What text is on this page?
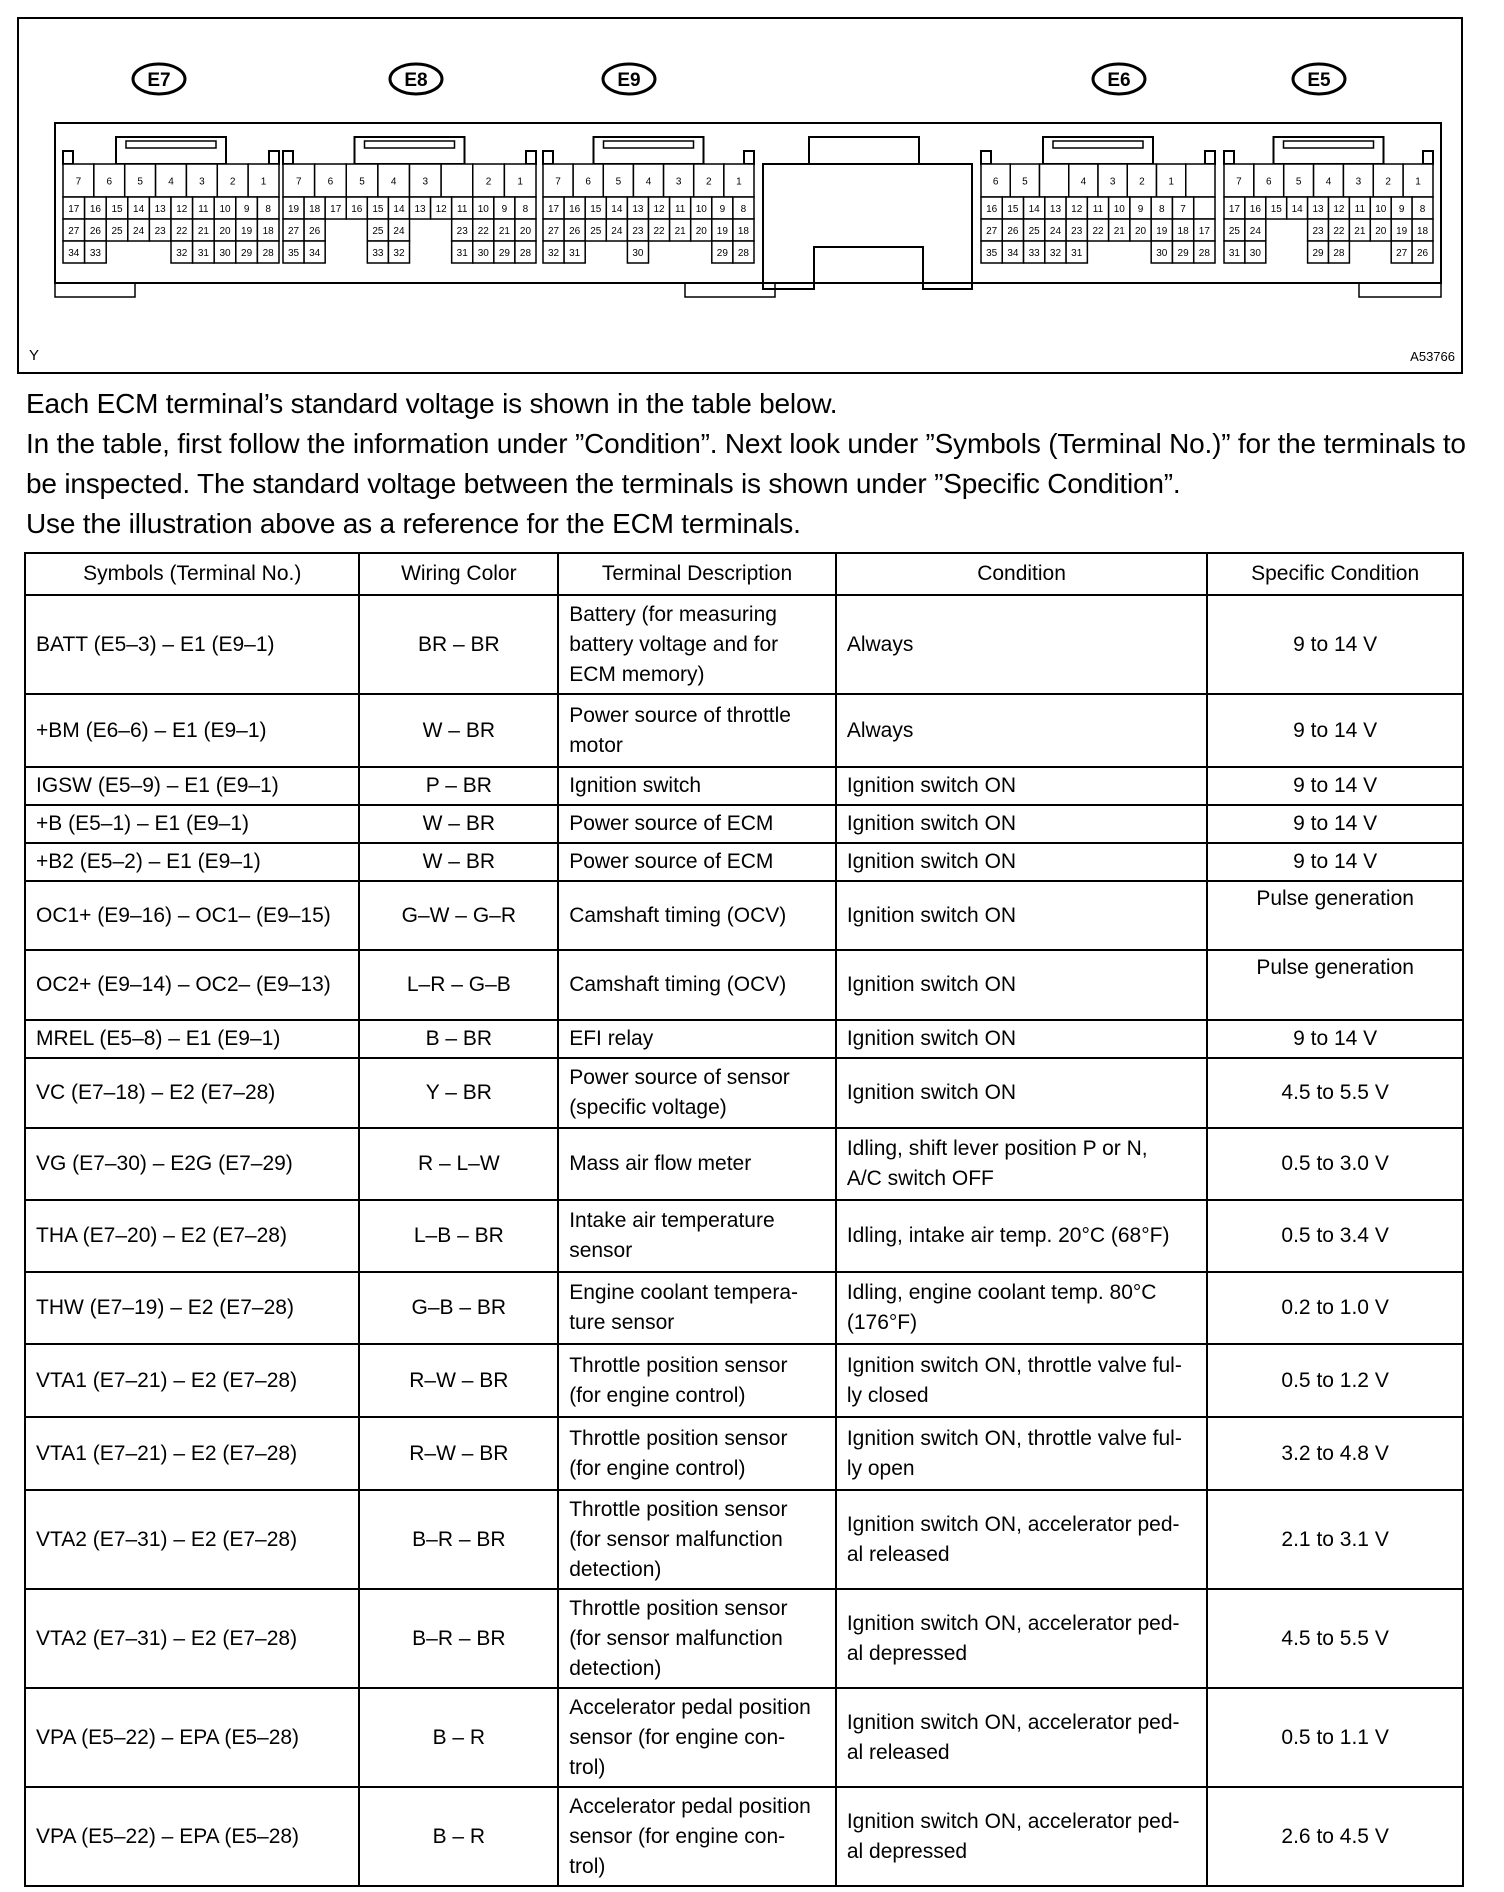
E7
7	6	5	4	3	2	1
17 16 15 14 13 12 11 10 9 8
27 26 25 24 23 22 21 20 19 18
34 33	32 31 30 29 28
E8
7	6	5	4	3	2	1
19 18 17 16 15 14 13 12 11 10 9 8
27 26	25 24	23 22 21 20
35 34	33 32	31 30 29 28
E9
7 6 5 4 3 2 1
17 16 15 14 13 12 11 10 9 8
27 26 25 24 23 22 21 20 19 18
32 31	30	29 28
E6
6 5	4 3 2 1
16 15 14 13 12 11 10 9 8 7
27 26 25 24 23 22 21 20 19 18 17
35 34 33 32 31	30 29 28
E5
7 6 5 4 3 2 1
17 16 15 14 13 12 11 10 9 8
25 24	23 22 21 20 19 18
31 30	29 28	27 26
Y	A53766

Each ECM terminal’s standard voltage is shown in the table below.

In the table, first follow the information under ”Condition”. Next look under ”Symbols (Terminal No.)” for the terminals to be inspected. The standard voltage between the terminals is shown under ”Specific Condition”.

Use the illustration above as a reference for the ECM terminals.

Symbols (Terminal No.)	Wiring Color	Terminal Description	Condition	Specific Condition
BATT (E5–3) – E1 (E9–1)	BR – BR	Battery (for measuring
battery voltage and for
ECM memory)	Always	9 to 14 V
+BM (E6–6) – E1 (E9–1)	W – BR	Power source of throttle
motor	Always	9 to 14 V
IGSW (E5–9) – E1 (E9–1)	P – BR	Ignition switch	Ignition switch ON	9 to 14 V
+B (E5–1) – E1 (E9–1)	W – BR	Power source of ECM	Ignition switch ON	9 to 14 V
+B2 (E5–2) – E1 (E9–1)	W – BR	Power source of ECM	Ignition switch ON	9 to 14 V
OC1+ (E9–16) – OC1– (E9–15)	G–W – G–R	Camshaft timing (OCV)	Ignition switch ON	Pulse generation
OC2+ (E9–14) – OC2– (E9–13)	L–R – G–B	Camshaft timing (OCV)	Ignition switch ON	Pulse generation
MREL (E5–8) – E1 (E9–1)	B – BR	EFI relay	Ignition switch ON	9 to 14 V
VC (E7–18) – E2 (E7–28)	Y – BR	Power source of sensor
(specific voltage)	Ignition switch ON	4.5 to 5.5 V
VG (E7–30) – E2G (E7–29)	R – L–W	Mass air flow meter	Idling, shift lever position P or N,
A/C switch OFF	0.5 to 3.0 V
THA (E7–20) – E2 (E7–28)	L–B – BR	Intake air temperature
sensor	Idling, intake air temp. 20°C (68°F)	0.5 to 3.4 V
THW (E7–19) – E2 (E7–28)	G–B – BR	Engine coolant tempera-
ture sensor	Idling, engine coolant temp. 80°C
(176°F)	0.2 to 1.0 V
VTA1 (E7–21) – E2 (E7–28)	R–W – BR	Throttle position sensor
(for engine control)	Ignition switch ON, throttle valve ful-
ly closed	0.5 to 1.2 V
VTA1 (E7–21) – E2 (E7–28)	R–W – BR	Throttle position sensor
(for engine control)	Ignition switch ON, throttle valve ful-
ly open	3.2 to 4.8 V
VTA2 (E7–31) – E2 (E7–28)	B–R – BR	Throttle position sensor
(for sensor malfunction
detection)	Ignition switch ON, accelerator ped-
al released	2.1 to 3.1 V
VTA2 (E7–31) – E2 (E7–28)	B–R – BR	Throttle position sensor
(for sensor malfunction
detection)	Ignition switch ON, accelerator ped-
al depressed	4.5 to 5.5 V
VPA (E5–22) – EPA (E5–28)	B – R	Accelerator pedal position
sensor (for engine con-
trol)	Ignition switch ON, accelerator ped-
al released	0.5 to 1.1 V
VPA (E5–22) – EPA (E5–28)	B – R	Accelerator pedal position
sensor (for engine con-
trol)	Ignition switch ON, accelerator ped-
al depressed	2.6 to 4.5 V
